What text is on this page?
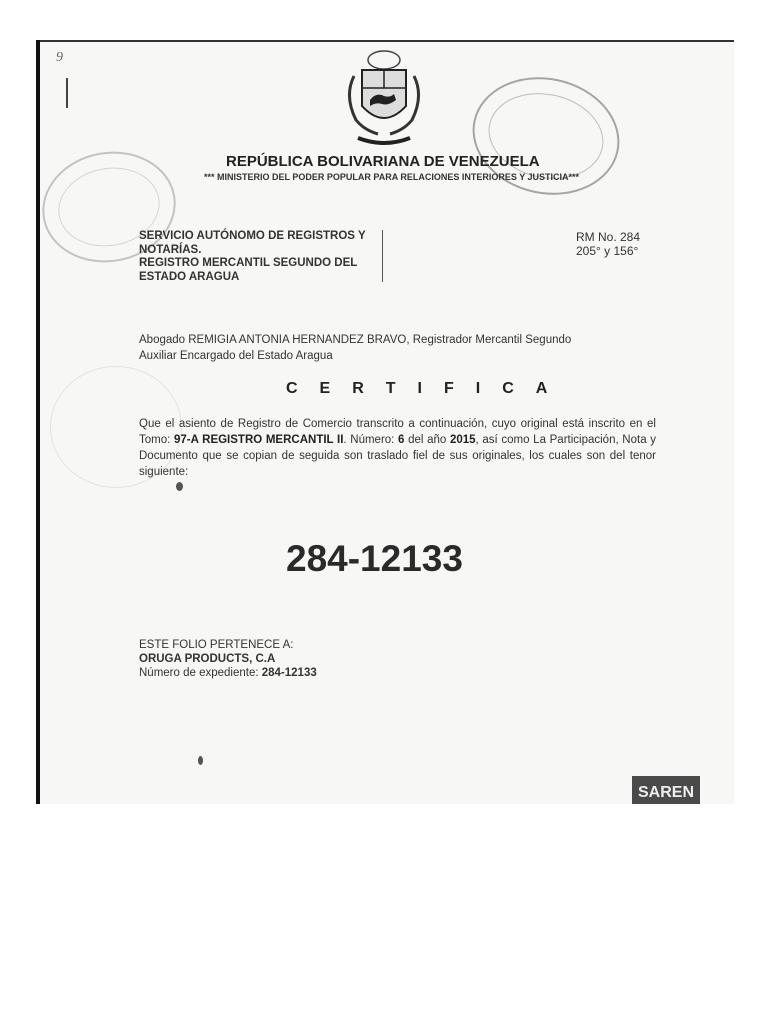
9
REPÚBLICA BOLIVARIANA DE VENEZUELA
*** MINISTERIO DEL PODER POPULAR PARA RELACIONES INTERIORES Y JUSTICIA***
SERVICIO AUTÓNOMO DE REGISTROS Y
NOTARÍAS.
REGISTRO MERCANTIL SEGUNDO DEL
ESTADO ARAGUA
RM No. 284
205° y 156°
Abogado REMIGIA ANTONIA HERNANDEZ BRAVO, Registrador Mercantil Segundo
Auxiliar Encargado del Estado Aragua
CERTIFICA
Que el asiento de Registro de Comercio transcrito a continuación, cuyo original está inscrito en el Tomo: 97-A REGISTRO MERCANTIL II. Número: 6 del año 2015, así como La Participación, Nota y Documento que se copian de seguida son traslado fiel de sus originales, los cuales son del tenor siguiente:
284-12133
ESTE FOLIO PERTENECE A:
ORUGA PRODUCTS, C.A
Número de expediente: 284-12133
SAREN
